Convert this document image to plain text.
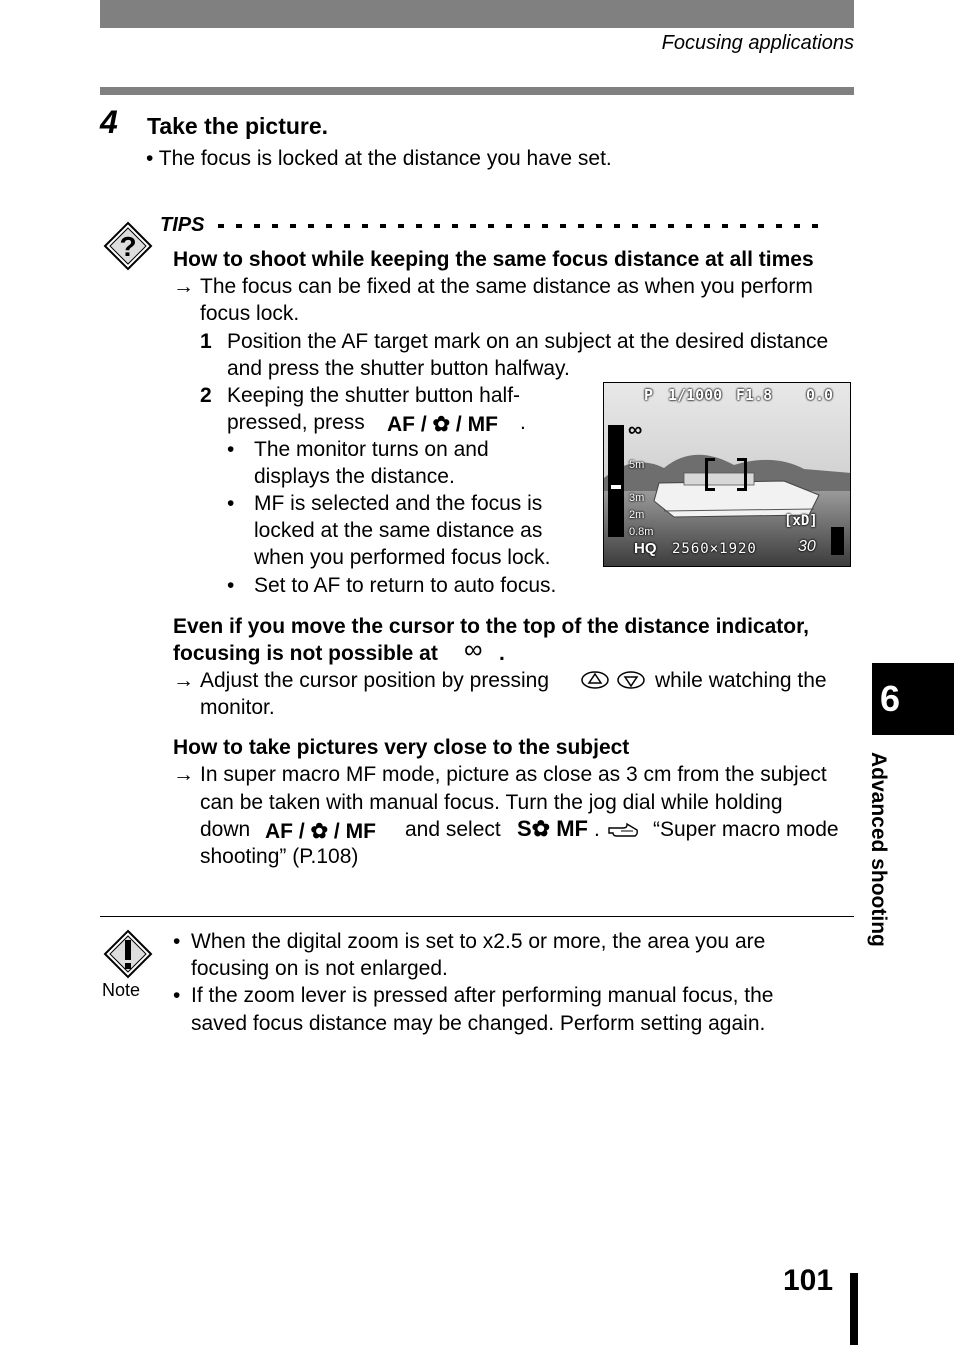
Focusing applications
4 Take the picture.
• The focus is locked at the distance you have set.
?
TIPS
How to shoot while keeping the same focus distance at all times
→ The focus can be fixed at the same distance as when you perform
focus lock.
1 Position the AF target mark on an subject at the desired distance
and press the shutter button halfway.
2 Keeping the shutter button half-
pressed, press AF / ✿ / MF .
• The monitor turns on and
displays the distance.
• MF is selected and the focus is
locked at the same distance as
when you performed focus lock.
• Set to AF to return to auto focus.
P 1/1000 F1.8 0.0
∞
5m
3m
2m
0.8m
[xD]
HQ 2560×1920	30
Even if you move the cursor to the top of the distance indicator,
focusing is not possible at ∞ .
→ Adjust the cursor position by pressing	while watching the
monitor.
How to take pictures very close to the subject
→ In super macro MF mode, picture as close as 3 cm from the subject
can be taken with manual focus. Turn the jog dial while holding
down AF / ✿ / MF and select S✿ MF .	“Super macro mode
shooting” (P.108)
Note
• When the digital zoom is set to x2.5 or more, the area you are
focusing on is not enlarged.
• If the zoom lever is pressed after performing manual focus, the
saved focus distance may be changed. Perform setting again.
6
Advanced shooting
101
